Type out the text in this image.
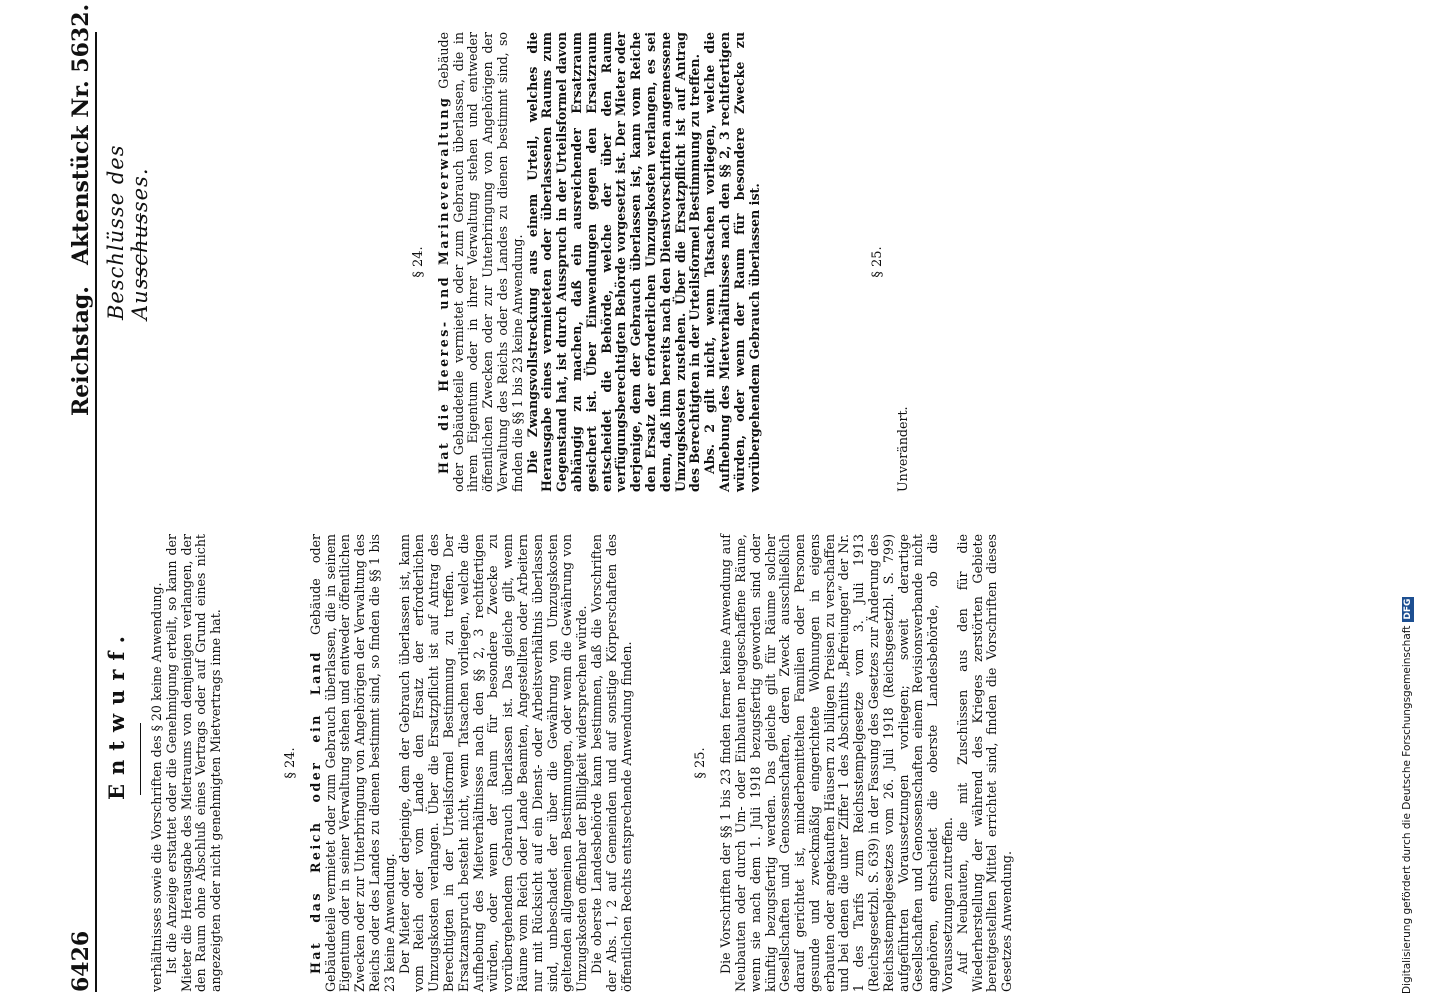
6426
Reichstag.
Aktenstück Nr. 5632.
Entwurf.
Beschlüsse des Ausschusses.

verhältnisses sowie die Vorschriften des § 20 keine Anwendung. Ist die Anzeige erstattet oder die Genehmigung erteilt, so kann der Mieter die Herausgabe des Mietraums von demjenigen verlangen, der den Raum ohne Abschluß eines Vertrags oder auf Grund eines nicht angezeigten oder nicht genehmigten Mietvertrags inne hat.	§ 24. Hat das Reich oder ein Land Gebäude oder Gebäudeteile vermietet oder zum Gebrauch überlassen, die in seinem Eigentum oder in seiner Verwaltung stehen und entweder öffentlichen Zwecken oder zur Unterbringung von Angehörigen der Verwaltung des Reichs oder des Landes zu dienen bestimmt sind, so finden die §§ 1 bis 23 keine Anwendung. Der Mieter oder derjenige, dem der Gebrauch überlassen ist, kann vom Reich oder vom Lande den Ersatz der erforderlichen Umzugskosten verlangen. Über die Ersatzpflicht ist auf Antrag des Berechtigten in der Urteilsformel Bestimmung zu treffen. Der Ersatzanspruch besteht nicht, wenn Tatsachen vorliegen, welche die Aufhebung des Mietverhältnisses nach den §§ 2, 3 rechtfertigen würden, oder wenn der Raum für besondere Zwecke zu vorübergehendem Gebrauch überlassen ist. Das gleiche gilt, wenn Räume vom Reich oder Lande Beamten, Angestellten oder Arbeitern nur mit Rücksicht auf ein Dienst- oder Arbeitsverhältnis überlassen sind, unbeschadet der über die Gewährung von Umzugskosten geltenden allgemeinen Bestimmungen, oder wenn die Gewährung von Umzugskosten offenbar der Billigkeit widersprechen würde. Die oberste Landesbehörde kann bestimmen, daß die Vorschriften der Abs. 1, 2 auf Gemeinden und auf sonstige Körperschaften des öffentlichen Rechts entsprechende Anwendung finden.	§ 25. Die Vorschriften der §§ 1 bis 23 finden ferner keine Anwendung auf Neubauten oder durch Um- oder Einbauten neugeschaffene Räume, wenn sie nach dem 1. Juli 1918 bezugsfertig geworden sind oder künftig bezugsfertig werden. Das gleiche gilt für Räume solcher Gesellschaften und Genossenschaften, deren Zweck ausschließlich darauf gerichtet ist, minderbemittelten Familien oder Personen gesunde und zweckmäßig eingerichtete Wohnungen in eigens erbauten oder angekauften Häusern zu billigen Preisen zu verschaffen und bei denen die unter Ziffer 1 des Abschnitts „Befreiungen“ der Nr. 1 des Tarifs zum Reichsstempelgesetze vom 3. Juli 1913 (Reichsgesetzbl. S. 639) in der Fassung des Gesetzes zur Änderung des Reichsstempelgesetzes vom 26. Juli 1918 (Reichsgesetzbl. S. 799) aufgeführten Voraussetzungen vorliegen; soweit derartige Gesellschaften und Genossenschaften einem Revisionsverbande nicht angehören, entscheidet die oberste Landesbehörde, ob die Voraussetzungen zutreffen. Auf Neubauten, die mit Zuschüssen aus den für die Wiederherstellung der während des Krieges zerstörten Gebiete bereitgestellten Mittel errichtet sind, finden die Vorschriften dieses Gesetzes Anwendung.

§ 24. Hat die Heeres- und Marineverwaltung Gebäude oder Gebäudeteile vermietet oder zum Gebrauch überlassen, die in ihrem Eigentum oder in ihrer Verwaltung stehen und entweder öffentlichen Zwecken oder zur Unterbringung von Angehörigen der Verwaltung des Reichs oder des Landes zu dienen bestimmt sind, so finden die §§ 1 bis 23 keine Anwendung. Die Zwangsvollstreckung aus einem Urteil, welches die Herausgabe eines vermieteten oder überlassenen Raums zum Gegenstand hat, ist durch Ausspruch in der Urteilsformel davon abhängig zu machen, daß ein ausreichender Ersatzraum gesichert ist. Über Einwendungen gegen den Ersatzraum entscheidet die Behörde, welche der über den Raum verfügungsberechtigten Behörde vorgesetzt ist. Der Mieter oder derjenige, dem der Gebrauch überlassen ist, kann vom Reiche den Ersatz der erforderlichen Umzugskosten verlangen, es sei denn, daß ihm bereits nach den Dienstvorschriften angemessene Umzugskosten zustehen. Über die Ersatzpflicht ist auf Antrag des Berechtigten in der Urteilsformel Bestimmung zu treffen. Abs. 2 gilt nicht, wenn Tatsachen vorliegen, welche die Aufhebung des Mietverhältnisses nach den §§ 2, 3 rechtfertigen würden, oder wenn der Raum für besondere Zwecke zu vorübergehendem Gebrauch überlassen ist.	§ 25.

Unverändert.

Digitalisierung gefördert durch die Deutsche ForschungsgemeinschaftDFG
